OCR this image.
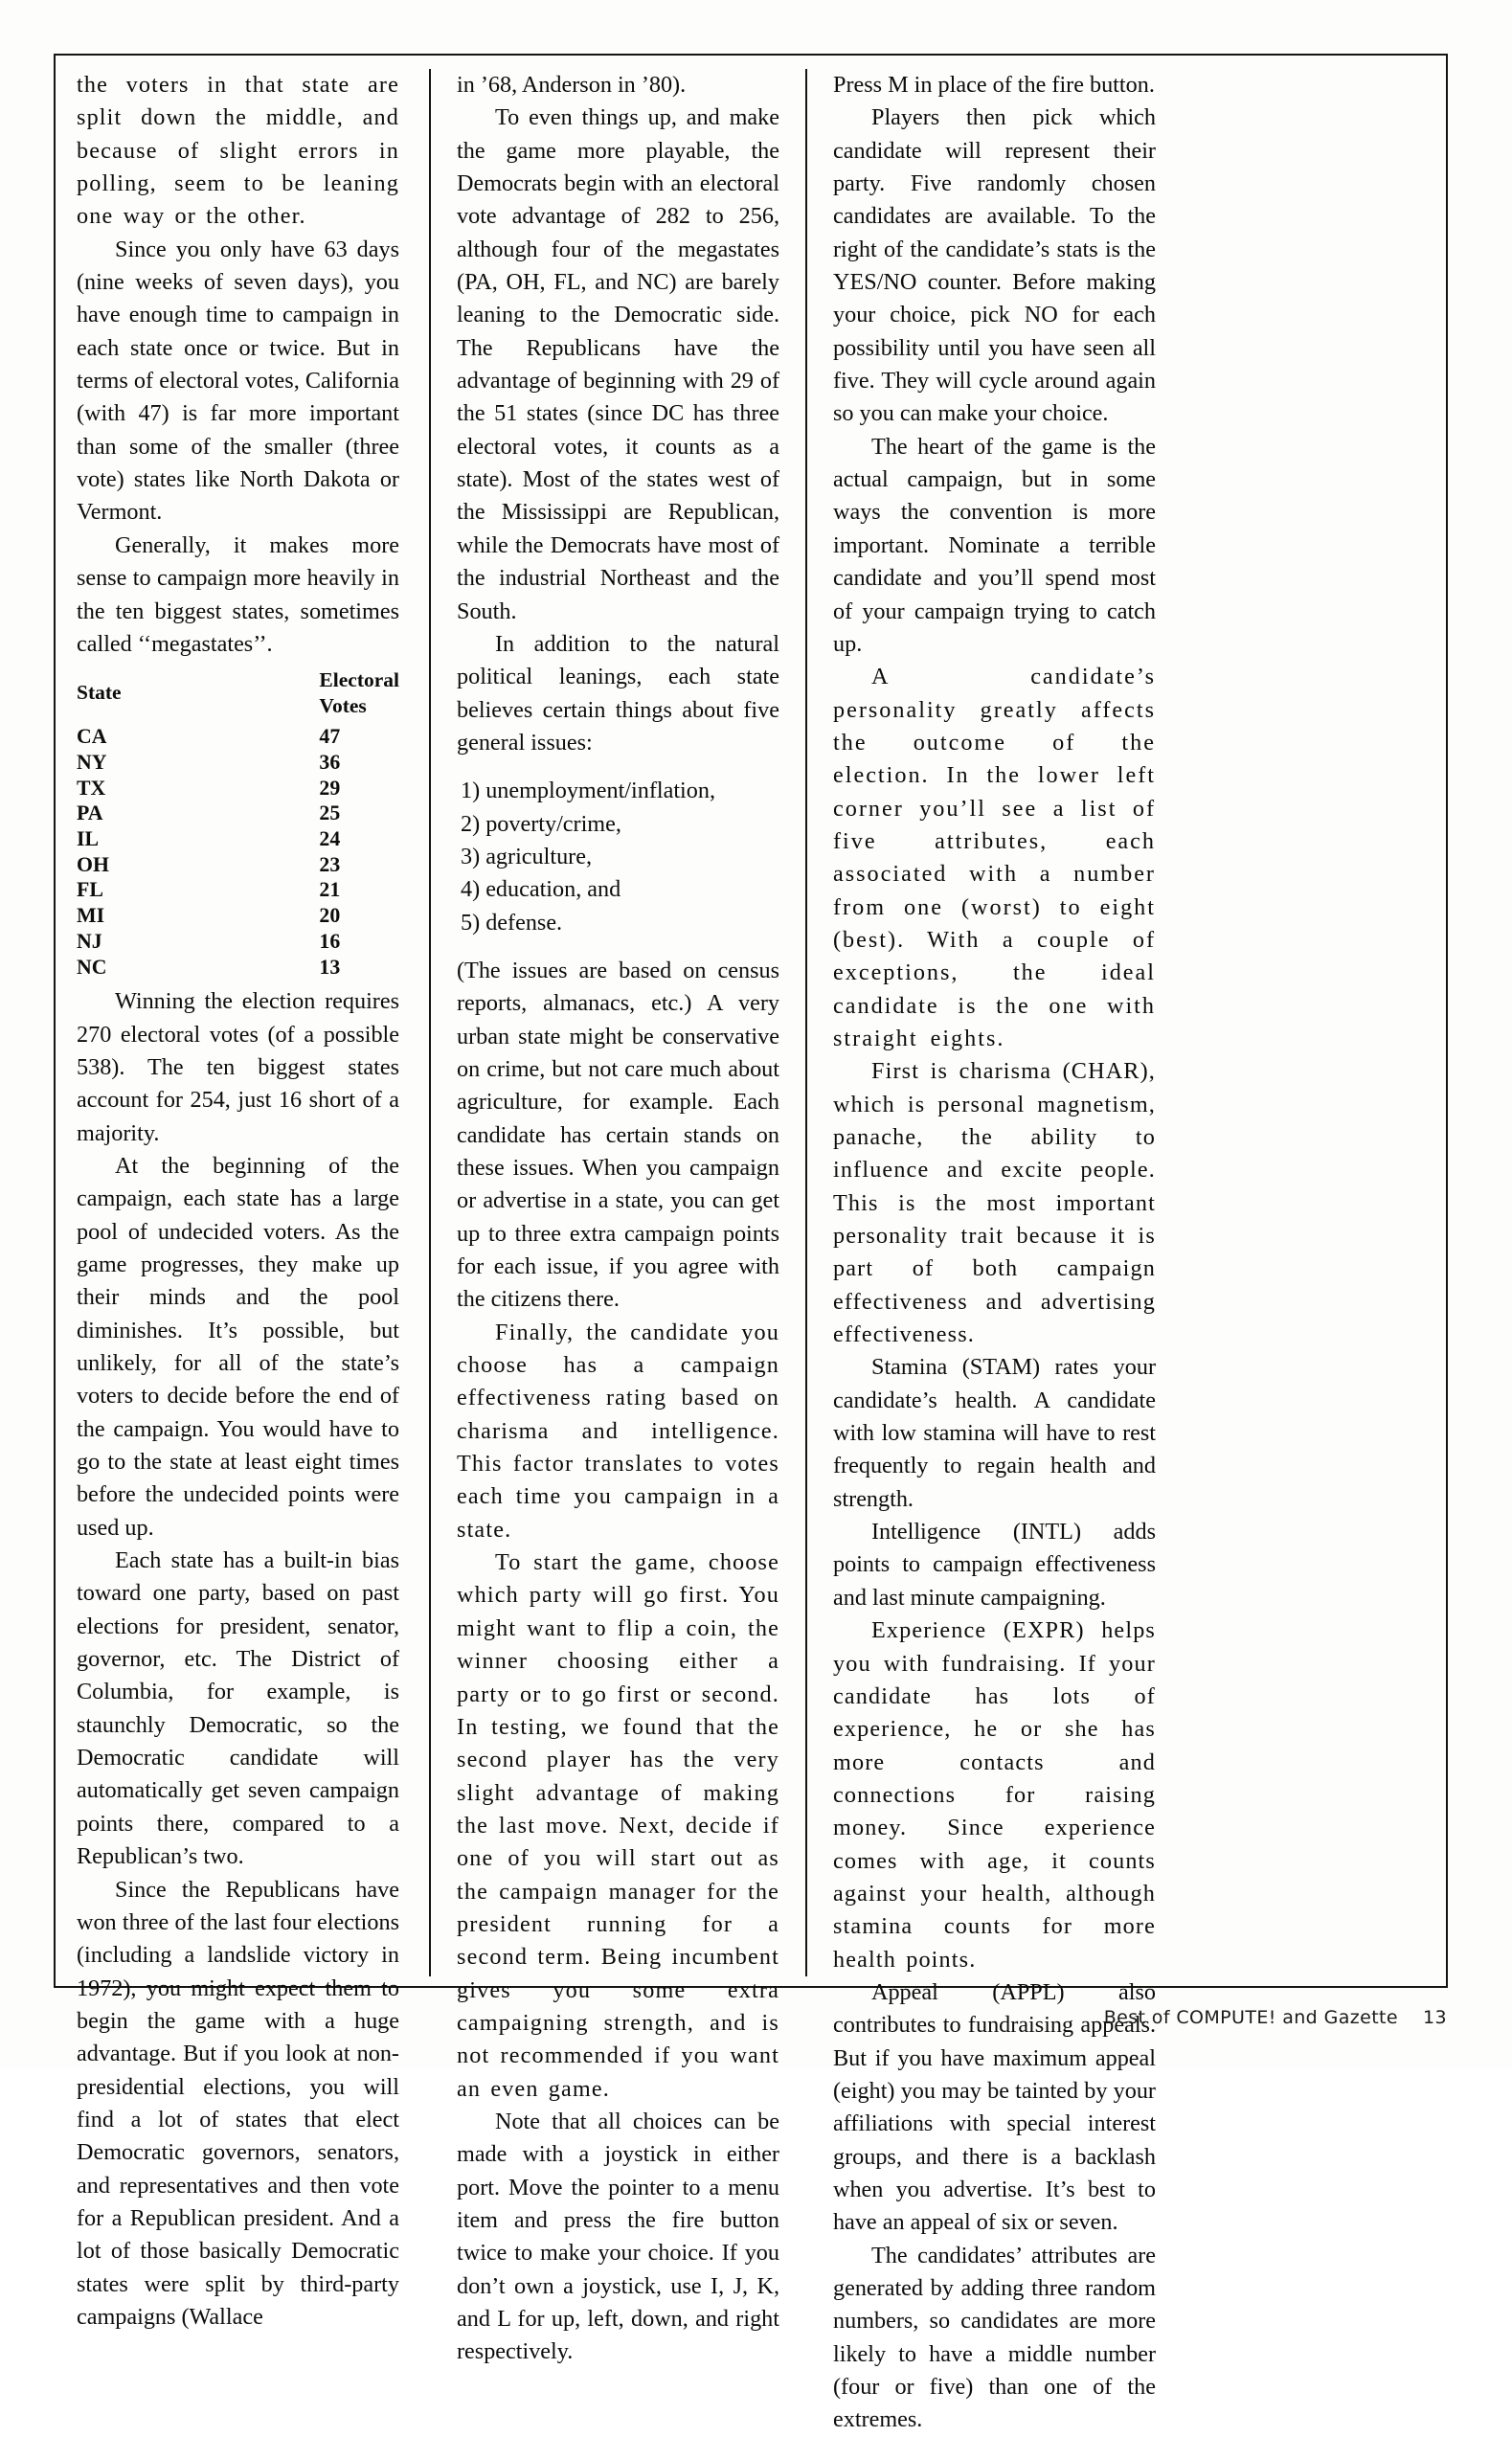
the voters in that state are split down the middle, and because of slight errors in polling, seem to be leaning one way or the other.

Since you only have 63 days (nine weeks of seven days), you have enough time to campaign in each state once or twice. But in terms of electoral votes, California (with 47) is far more important than some of the smaller (three vote) states like North Dakota or Vermont.

Generally, it makes more sense to campaign more heavily in the ten biggest states, sometimes called ‘‘megastates’’.

State	Electoral Votes
CA	47
NY	36
TX	29
PA	25
IL	24
OH	23
FL	21
MI	20
NJ	16
NC	13

Winning the election requires 270 electoral votes (of a possible 538). The ten biggest states account for 254, just 16 short of a majority.

At the beginning of the campaign, each state has a large pool of undecided voters. As the game progresses, they make up their minds and the pool diminishes. It’s possible, but unlikely, for all of the state’s voters to decide before the end of the campaign. You would have to go to the state at least eight times before the undecided points were used up.

Each state has a built-in bias toward one party, based on past elections for president, senator, governor, etc. The District of Columbia, for example, is staunchly Democratic, so the Democratic candidate will automatically get seven campaign points there, compared to a Republican’s two.

Since the Republicans have won three of the last four elections (including a landslide victory in 1972), you might expect them to begin the game with a huge advantage. But if you look at non-presidential elections, you will find a lot of states that elect Democratic governors, senators, and representatives and then vote for a Republican president. And a lot of those basically Democratic states were split by third-party campaigns (Wallace

in ’68, Anderson in ’80).

To even things up, and make the game more playable, the Democrats begin with an electoral vote advantage of 282 to 256, although four of the megastates (PA, OH, FL, and NC) are barely leaning to the Democratic side. The Republicans have the advantage of beginning with 29 of the 51 states (since DC has three electoral votes, it counts as a state). Most of the states west of the Mississippi are Republican, while the Democrats have most of the industrial Northeast and the South.

In addition to the natural political leanings, each state believes certain things about five general issues:

1) unemployment/inflation,
2) poverty/crime,
3) agriculture,
4) education, and
5) defense.

(The issues are based on census reports, almanacs, etc.) A very urban state might be conservative on crime, but not care much about agriculture, for example. Each candidate has certain stands on these issues. When you campaign or advertise in a state, you can get up to three extra campaign points for each issue, if you agree with the citizens there.

Finally, the candidate you choose has a campaign effectiveness rating based on charisma and intelligence. This factor translates to votes each time you campaign in a state.

To start the game, choose which party will go first. You might want to flip a coin, the winner choosing either a party or to go first or second. In testing, we found that the second player has the very slight advantage of making the last move. Next, decide if one of you will start out as the campaign manager for the president running for a second term. Being incumbent gives you some extra campaigning strength, and is not recommended if you want an even game.

Note that all choices can be made with a joystick in either port. Move the pointer to a menu item and press the fire button twice to make your choice. If you don’t own a joystick, use I, J, K, and L for up, left, down, and right respectively.

Press M in place of the fire button.

Players then pick which candidate will represent their party. Five randomly chosen candidates are available. To the right of the candidate’s stats is the YES/NO counter. Before making your choice, pick NO for each possibility until you have seen all five. They will cycle around again so you can make your choice.

The heart of the game is the actual campaign, but in some ways the convention is more important. Nominate a terrible candidate and you’ll spend most of your campaign trying to catch up.

A candidate’s personality greatly affects the outcome of the election. In the lower left corner you’ll see a list of five attributes, each associated with a number from one (worst) to eight (best). With a couple of exceptions, the ideal candidate is the one with straight eights.

First is charisma (CHAR), which is personal magnetism, panache, the ability to influence and excite people. This is the most important personality trait because it is part of both campaign effectiveness and advertising effectiveness.

Stamina (STAM) rates your candidate’s health. A candidate with low stamina will have to rest frequently to regain health and strength.

Intelligence (INTL) adds points to campaign effectiveness and last minute campaigning.

Experience (EXPR) helps you with fundraising. If your candidate has lots of experience, he or she has more contacts and connections for raising money. Since experience comes with age, it counts against your health, although stamina counts for more health points.

Appeal (APPL) also contributes to fundraising appeals. But if you have maximum appeal (eight) you may be tainted by your affiliations with special interest groups, and there is a backlash when you advertise. It’s best to have an appeal of six or seven.

The candidates’ attributes are generated by adding three random numbers, so candidates are more likely to have a middle number (four or five) than one of the extremes.

Best of COMPUTE! and Gazette 13
